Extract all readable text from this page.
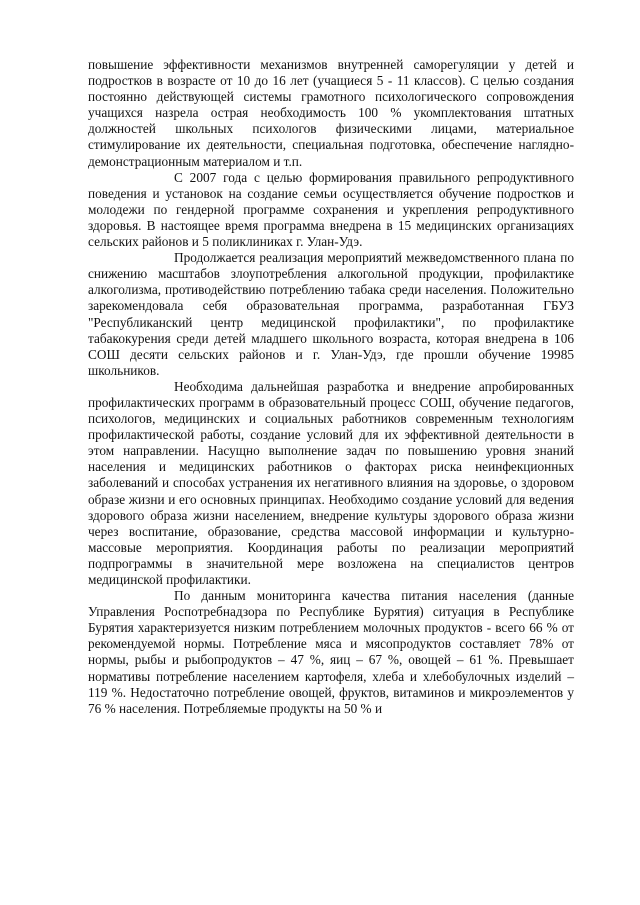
повышение эффективности механизмов внутренней саморегуляции у детей и подростков в возрасте от 10 до 16 лет (учащиеся 5 - 11 классов). С целью создания постоянно действующей системы грамотного психологического сопровождения учащихся назрела острая необходимость 100 % укомплектования штатных должностей школьных психологов физическими лицами, материальное стимулирование их деятельности, специальная подготовка, обеспечение наглядно-демонстрационным материалом и т.п.

С 2007 года с целью формирования правильного репродуктивного поведения и установок на создание семьи осуществляется обучение подростков и молодежи по гендерной программе сохранения и укрепления репродуктивного здоровья. В настоящее время программа внедрена в 15 медицинских организациях сельских районов и 5 поликлиниках г. Улан-Удэ.

Продолжается реализация мероприятий межведомственного плана по снижению масштабов злоупотребления алкогольной продукции, профилактике алкоголизма, противодействию потреблению табака среди населения. Положительно зарекомендовала себя образовательная программа, разработанная ГБУЗ "Республиканский центр медицинской профилактики", по профилактике табакокурения среди детей младшего школьного возраста, которая внедрена в 106 СОШ десяти сельских районов и г. Улан-Удэ, где прошли обучение 19985 школьников.

Необходима дальнейшая разработка и внедрение апробированных профилактических программ в образовательный процесс СОШ, обучение педагогов, психологов, медицинских и социальных работников современным технологиям профилактической работы, создание условий для их эффективной деятельности в этом направлении. Насущно выполнение задач по повышению уровня знаний населения и медицинских работников о факторах риска неинфекционных заболеваний и способах устранения их негативного влияния на здоровье, о здоровом образе жизни и его основных принципах. Необходимо создание условий для ведения здорового образа жизни населением, внедрение культуры здорового образа жизни через воспитание, образование, средства массовой информации и культурно-массовые мероприятия. Координация работы по реализации мероприятий подпрограммы в значительной мере возложена на специалистов центров медицинской профилактики.

По данным мониторинга качества питания населения (данные Управления Роспотребнадзора по Республике Бурятия) ситуация в Республике Бурятия характеризуется низким потреблением молочных продуктов - всего 66 % от рекомендуемой нормы. Потребление мяса и мясопродуктов составляет 78% от нормы, рыбы и рыбопродуктов – 47 %, яиц – 67 %, овощей – 61 %. Превышает нормативы потребление населением картофеля, хлеба и хлебобулочных изделий – 119 %. Недостаточно потребление овощей, фруктов, витаминов и микроэлементов у 76 % населения. Потребляемые продукты на 50 % и
